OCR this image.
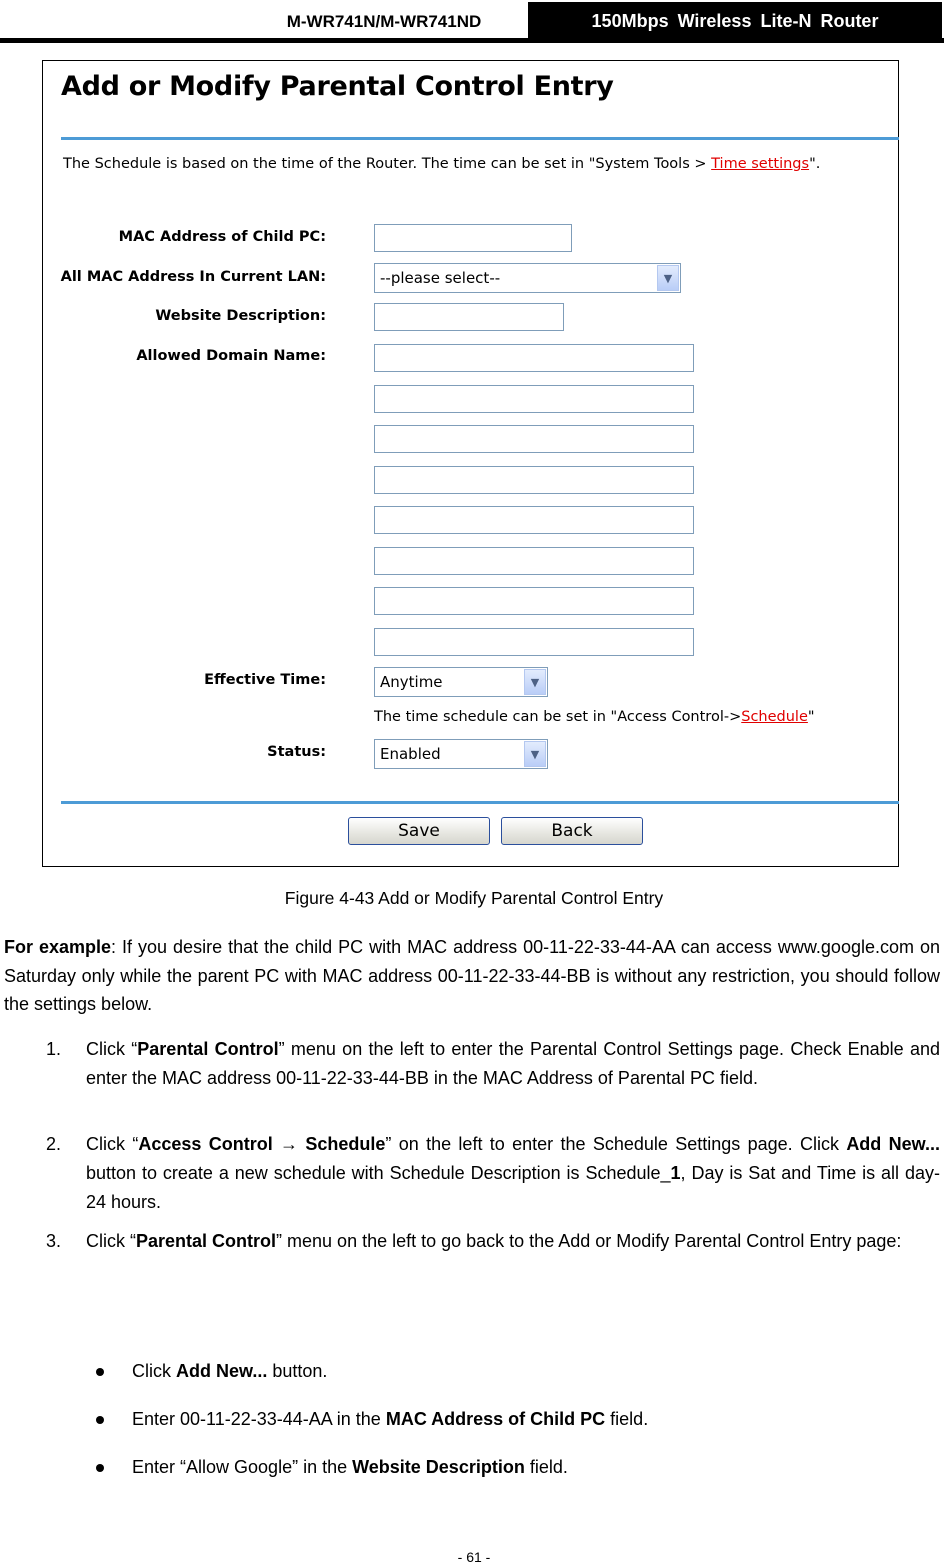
M-WR741N/M-WR741ND	150Mbps Wireless Lite-N Router
Add or Modify Parental Control Entry
The Schedule is based on the time of the Router. The time can be set in "System Tools > Time settings".
MAC Address of Child PC:
All MAC Address In Current LAN:	--please select--	▼
Website Description:
Allowed Domain Name:
Effective Time:	Anytime	▼
The time schedule can be set in "Access Control->Schedule"
Status:	Enabled	▼
Save	Back
Figure 4-43 Add or Modify Parental Control Entry
For example: If you desire that the child PC with MAC address 00-11-22-33-44-AA can access www.google.com on Saturday only while the parent PC with MAC address 00-11-22-33-44-BB is without any restriction, you should follow the settings below.
1. Click “Parental Control” menu on the left to enter the Parental Control Settings page. Check Enable and enter the MAC address 00-11-22-33-44-BB in the MAC Address of Parental PC field.
2. Click “Access Control → Schedule” on the left to enter the Schedule Settings page. Click Add New... button to create a new schedule with Schedule Description is Schedule_1, Day is Sat and Time is all day-24 hours.
3. Click “Parental Control” menu on the left to go back to the Add or Modify Parental Control Entry page:
Click Add New... button.
Enter 00-11-22-33-44-AA in the MAC Address of Child PC field.
Enter “Allow Google” in the Website Description field.
- 61 -
